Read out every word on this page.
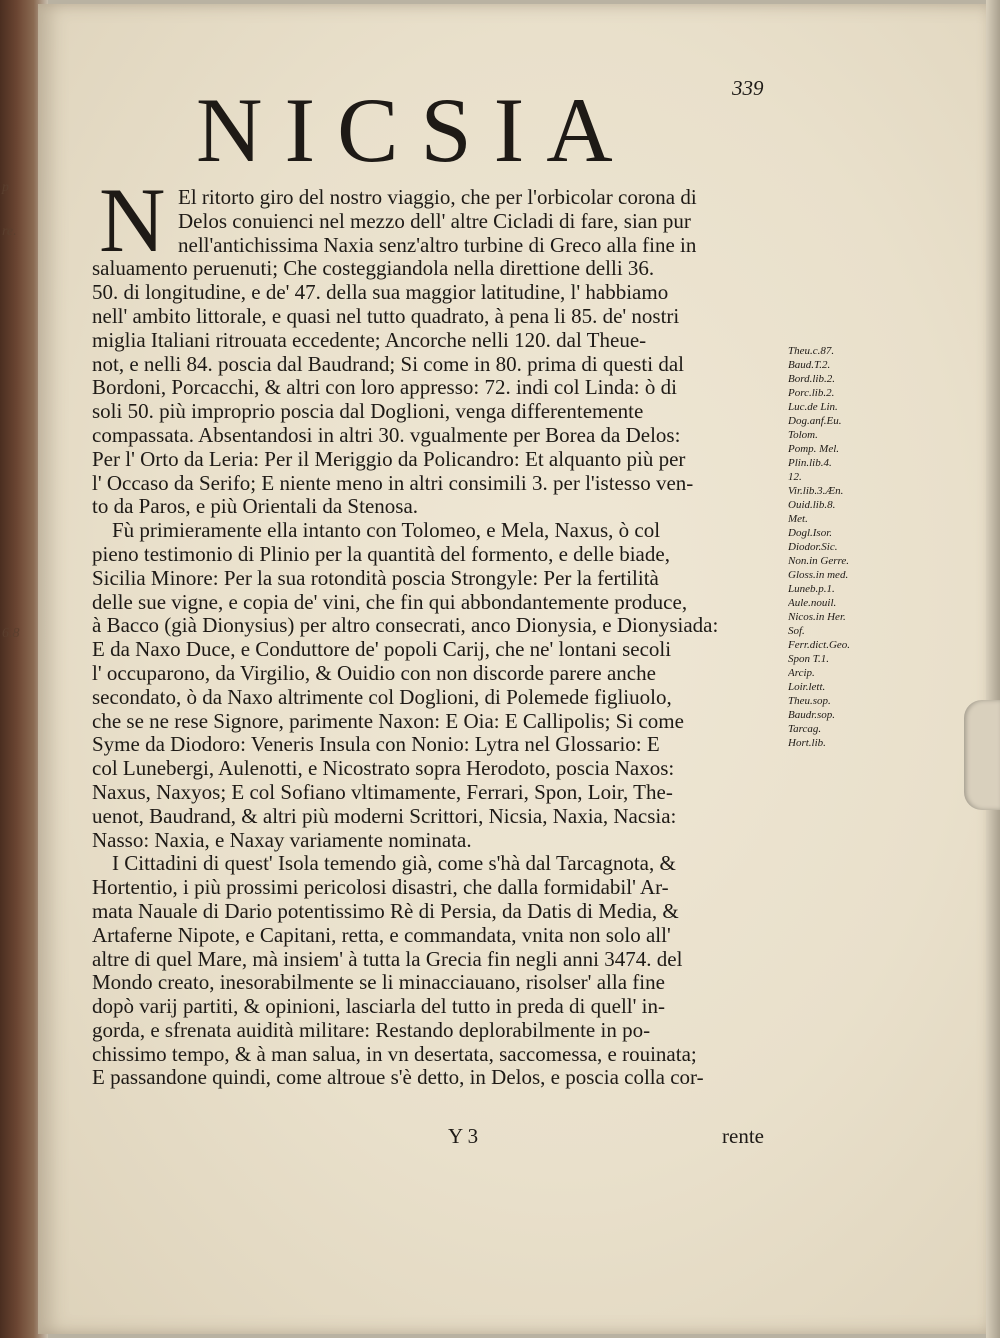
p
re.
6.8
339
NICSIA
N El ritorto giro del nostro viaggio, che per l'orbicolar corona di
Delos conuienci nel mezzo dell' altre Cicladi di fare, sian pur
nell'antichissima Naxia senz'altro turbine di Greco alla fine in
saluamento peruenuti; Che costeggiandola nella direttione delli 36.
50. di longitudine, e de' 47. della sua maggior latitudine, l' habbiamo
nell' ambito littorale, e quasi nel tutto quadrato, à pena li 85. de' nostri
miglia Italiani ritrouata eccedente; Ancorche nelli 120. dal Theue-
not, e nelli 84. poscia dal Baudrand; Si come in 80. prima di questi dal
Bordoni, Porcacchi, & altri con loro appresso: 72. indi col Linda: ò di
soli 50. più improprio poscia dal Doglioni, venga differentemente
compassata. Absentandosi in altri 30. vgualmente per Borea da Delos:
Per l' Orto da Leria: Per il Meriggio da Policandro: Et alquanto più per
l' Occaso da Serifo; E niente meno in altri consimili 3. per l'istesso ven-
to da Paros, e più Orientali da Stenosa.
Fù primieramente ella intanto con Tolomeo, e Mela, Naxus, ò col
pieno testimonio di Plinio per la quantità del formento, e delle biade,
Sicilia Minore: Per la sua rotondità poscia Strongyle: Per la fertilità
delle sue vigne, e copia de' vini, che fin qui abbondantemente produce,
à Bacco (già Dionysius) per altro consecrati, anco Dionysia, e Dionysiada:
E da Naxo Duce, e Conduttore de' popoli Carij, che ne' lontani secoli
l' occuparono, da Virgilio, & Ouidio con non discorde parere anche
secondato, ò da Naxo altrimente col Doglioni, di Polemede figliuolo,
che se ne rese Signore, parimente Naxon: E Oia: E Callipolis; Si come
Syme da Diodoro: Veneris Insula con Nonio: Lytra nel Glossario: E
col Lunebergi, Aulenotti, e Nicostrato sopra Herodoto, poscia Naxos:
Naxus, Naxyos; E col Sofiano vltimamente, Ferrari, Spon, Loir, The-
uenot, Baudrand, & altri più moderni Scrittori, Nicsia, Naxia, Nacsia:
Nasso: Naxia, e Naxay variamente nominata.
I Cittadini di quest' Isola temendo già, come s'hà dal Tarcagnota, &
Hortentio, i più prossimi pericolosi disastri, che dalla formidabil' Ar-
mata Nauale di Dario potentissimo Rè di Persia, da Datis di Media, &
Artaferne Nipote, e Capitani, retta, e commandata, vnita non solo all'
altre di quel Mare, mà insiem' à tutta la Grecia fin negli anni 3474. del
Mondo creato, inesorabilmente se li minacciauano, risolser' alla fine
dopò varij partiti, & opinioni, lasciarla del tutto in preda di quell' in-
gorda, e sfrenata auidità militare: Restando deplorabilmente in po-
chissimo tempo, & à man salua, in vn desertata, saccomessa, e rouinata;
E passandone quindi, come altroue s'è detto, in Delos, e poscia colla cor-
Theu.c.87.
Baud.T.2.
Bord.lib.2.
Porc.lib.2.
Luc.de Lin.
Dog.anf.Eu.
Tolom.
Pomp. Mel.
Plin.lib.4.
12.
Vir.lib.3.Æn.
Ouid.lib.8.
Met.
Dogl.Isor.
Diodor.Sic.
Non.in Gerre.
Gloss.in med.
Luneb.p.1.
Aule.nouil.
Nicos.in Her.
Sof.
Ferr.dict.Geo.
Spon T.1.
Arcip.
Loir.lett.
Theu.sop.
Baudr.sop.
Tarcag.
Hort.lib.
Y 3	rente
